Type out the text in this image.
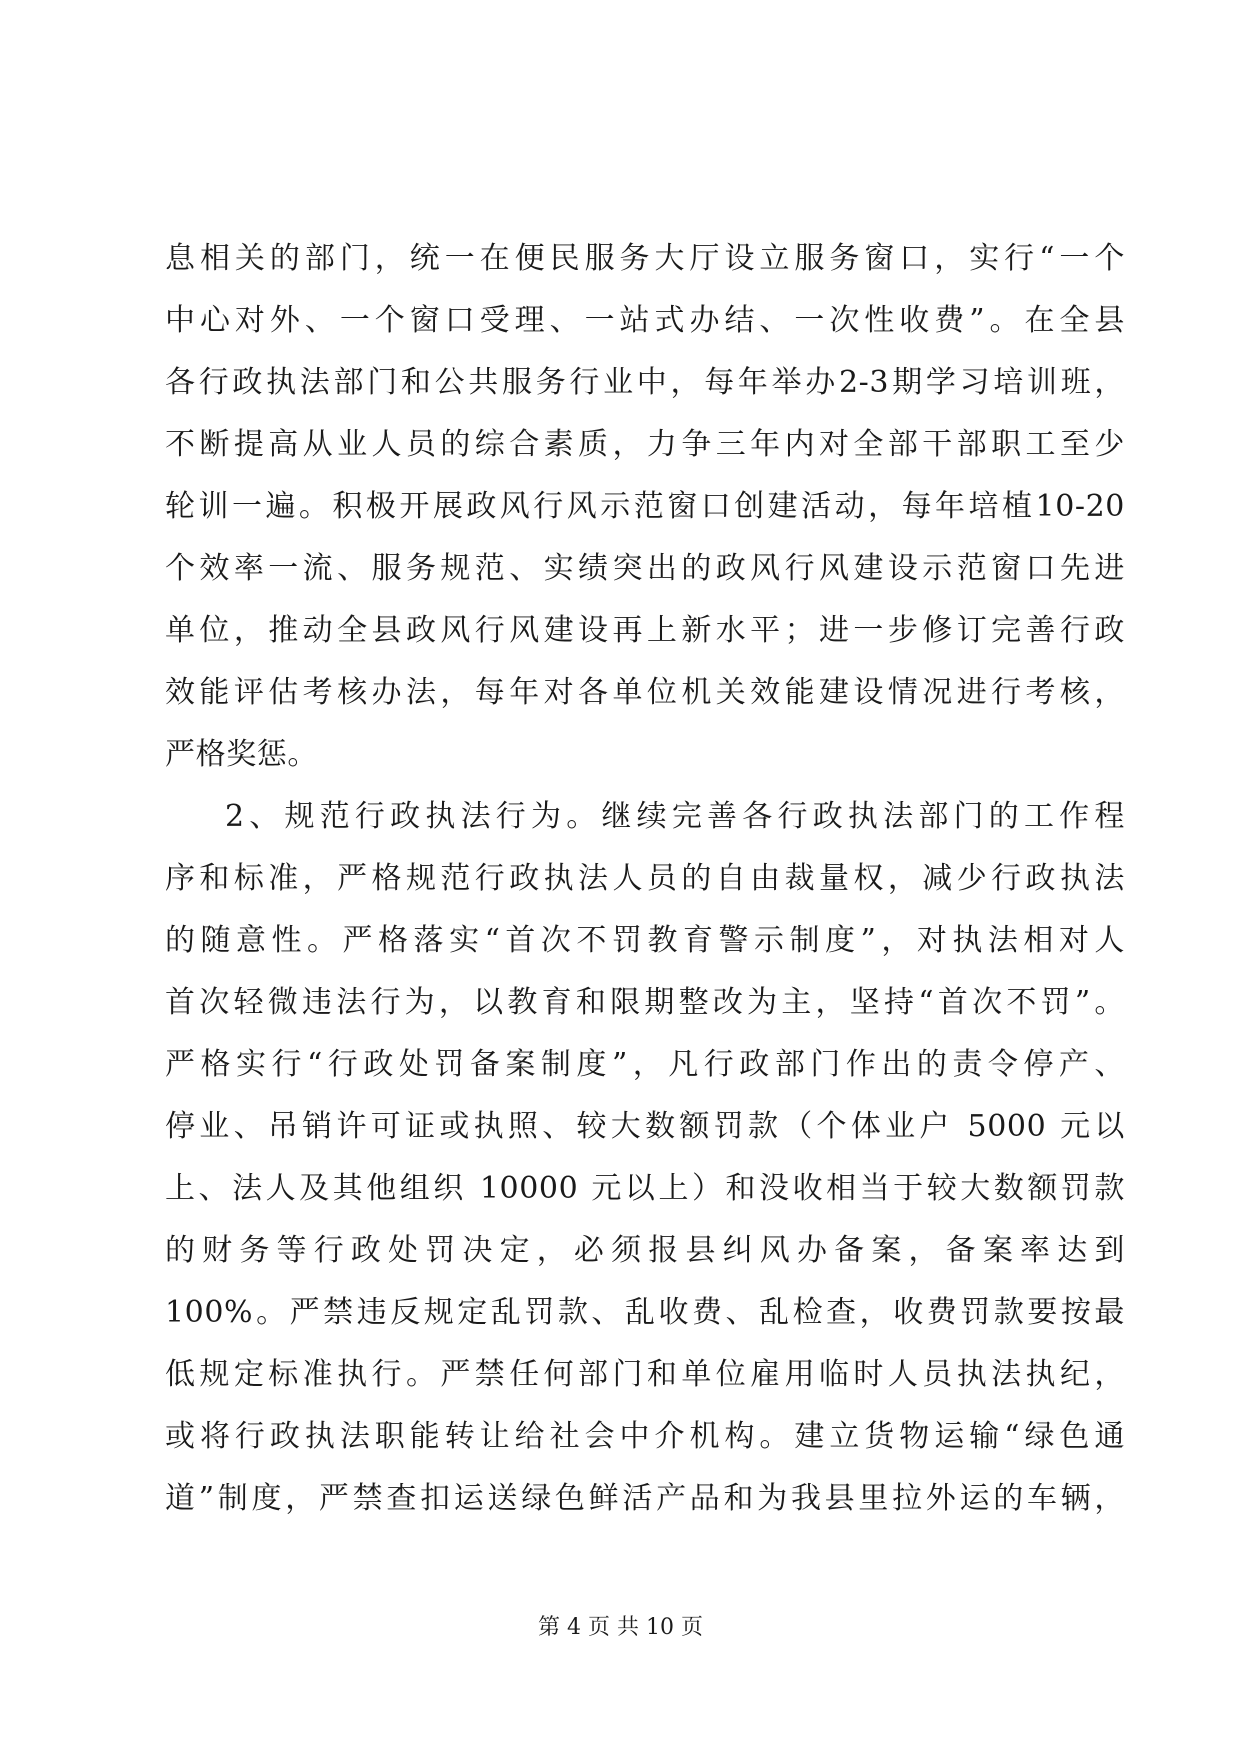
息相关的部门，统一在便民服务大厅设立服务窗口，实行“一个
中心对外、一个窗口受理、一站式办结、一次性收费”。在全县
各行政执法部门和公共服务行业中，每年举办2-3期学习培训班，
不断提高从业人员的综合素质，力争三年内对全部干部职工至少
轮训一遍。积极开展政风行风示范窗口创建活动，每年培植10-20
个效率一流、服务规范、实绩突出的政风行风建设示范窗口先进
单位，推动全县政风行风建设再上新水平；进一步修订完善行政
效能评估考核办法，每年对各单位机关效能建设情况进行考核，
严格奖惩。
2、规范行政执法行为。继续完善各行政执法部门的工作程
序和标准，严格规范行政执法人员的自由裁量权，减少行政执法
的随意性。严格落实“首次不罚教育警示制度”，对执法相对人
首次轻微违法行为，以教育和限期整改为主，坚持“首次不罚”。
严格实行“行政处罚备案制度”，凡行政部门作出的责令停产、
停业、吊销许可证或执照、较大数额罚款（个体业户 5000 元以
上、法人及其他组织 10000 元以上）和没收相当于较大数额罚款
的财务等行政处罚决定，必须报县纠风办备案，备案率达到
100%。严禁违反规定乱罚款、乱收费、乱检查，收费罚款要按最
低规定标准执行。严禁任何部门和单位雇用临时人员执法执纪，
或将行政执法职能转让给社会中介机构。建立货物运输“绿色通
道”制度，严禁查扣运送绿色鲜活产品和为我县里拉外运的车辆，
第 4 页 共 10 页
